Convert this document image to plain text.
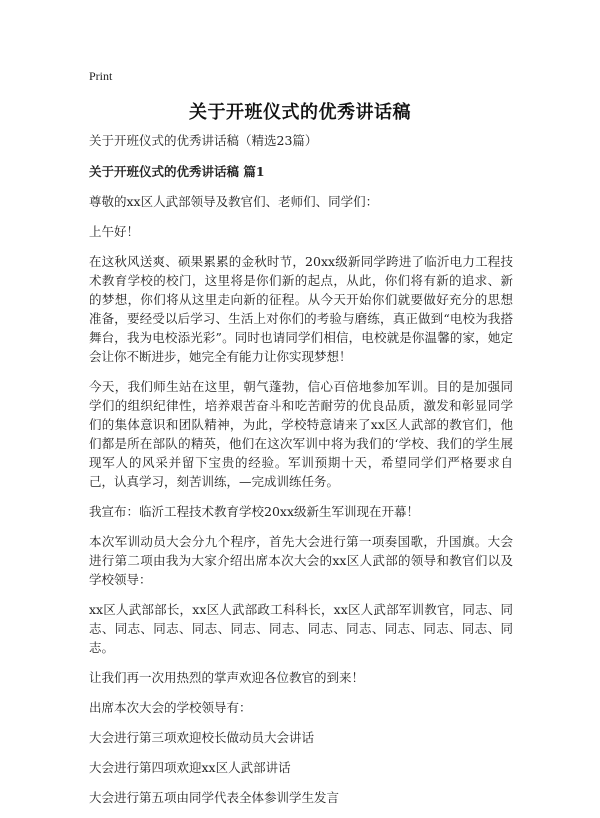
Print
关于开班仪式的优秀讲话稿

关于开班仪式的优秀讲话稿（精选23篇）

关于开班仪式的优秀讲话稿 篇1

尊敬的xx区人武部领导及教官们、老师们、同学们：

上午好！

在这秋风送爽、硕果累累的金秋时节，20xx级新同学跨进了临沂电力工程技术教育学校的校门，这里将是你们新的起点，从此，你们将有新的追求、新的梦想，你们将从这里走向新的征程。从今天开始你们就要做好充分的思想准备，要经受以后学习、生活上对你们的考验与磨练，真正做到“电校为我搭舞台，我为电校添光彩”。同时也请同学们相信，电校就是你温馨的家，她定会让你不断进步，她完全有能力让你实现梦想！

今天，我们师生站在这里，朝气蓬勃，信心百倍地参加军训。目的是加强同学们的组织纪律性，培养艰苦奋斗和吃苦耐劳的优良品质，激发和彰显同学们的集体意识和团队精神，为此，学校特意请来了xx区人武部的教官们，他们都是所在部队的精英，他们在这次军训中将为我们的‘学校、我们的学生展现军人的风采并留下宝贵的经验。军训预期十天，希望同学们严格要求自己，认真学习，刻苦训练，—完成训练任务。

我宣布：临沂工程技术教育学校20xx级新生军训现在开幕！

本次军训动员大会分九个程序，首先大会进行第一项奏国歌，升国旗。大会进行第二项由我为大家介绍出席本次大会的xx区人武部的领导和教官们以及学校领导：

xx区人武部部长，xx区人武部政工科科长，xx区人武部军训教官，同志、同志、同志、同志、同志、同志、同志、同志、同志、同志、同志、同志、同志。

让我们再一次用热烈的掌声欢迎各位教官的到来！

出席本次大会的学校领导有：

大会进行第三项欢迎校长做动员大会讲话

大会进行第四项欢迎xx区人武部讲话

大会进行第五项由同学代表全体参训学生发言
